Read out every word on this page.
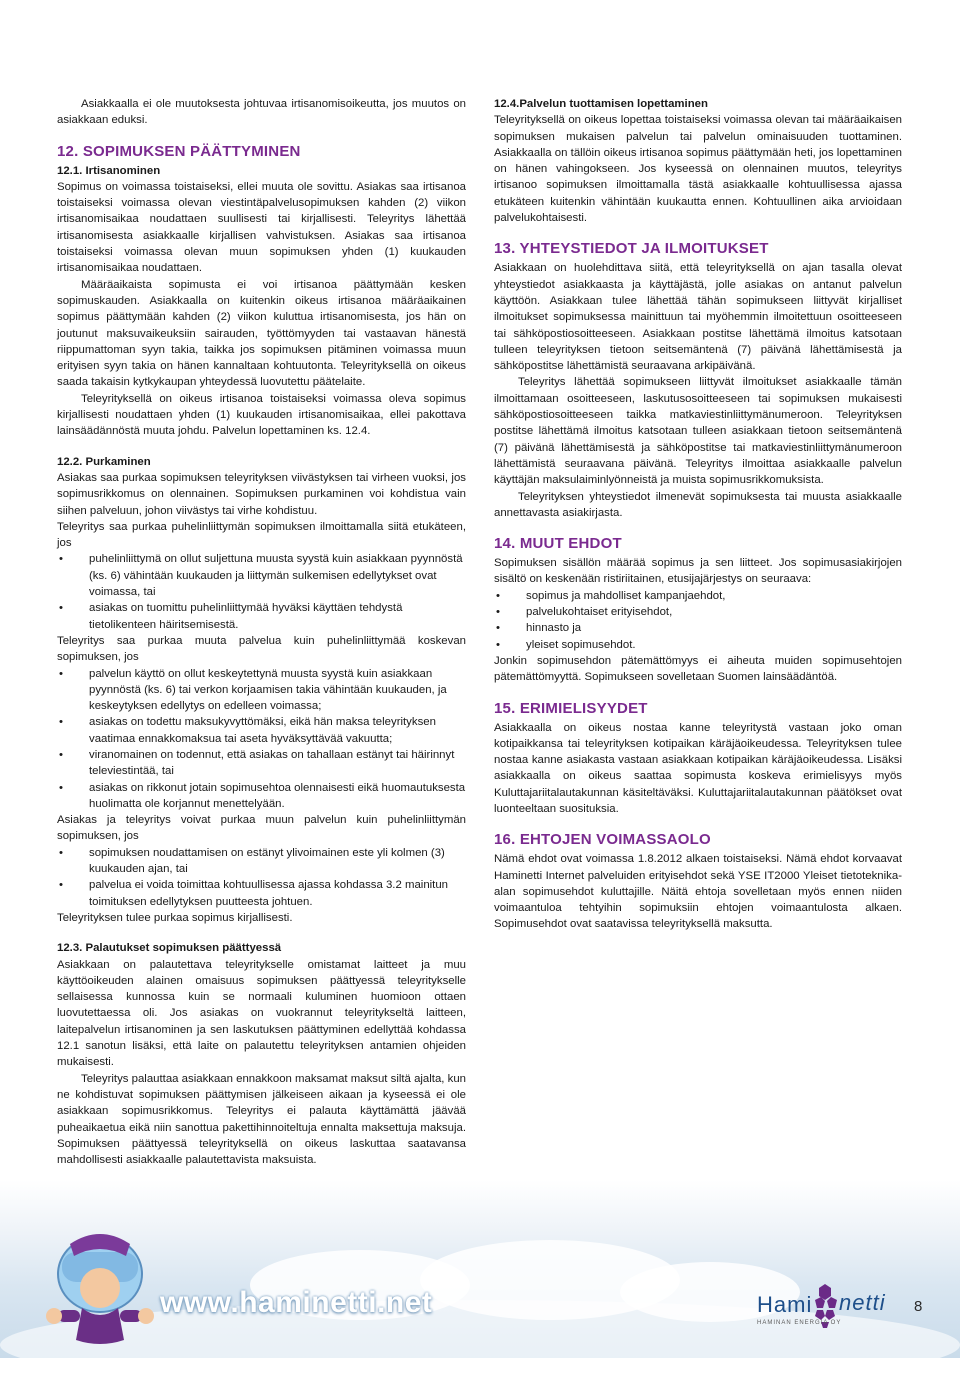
Asiakkaalla ei ole muutoksesta johtuvaa irtisanomisoikeutta, jos muutos on asiakkaan eduksi.

12. SOPIMUKSEN PÄÄTTYMINEN

12.1. Irtisanominen

Sopimus on voimassa toistaiseksi, ellei muuta ole sovittu. Asiakas saa irtisanoa toistaiseksi voimassa olevan viestintäpalvelusopimuksen kahden (2) viikon irtisanomisaikaa noudattaen suullisesti tai kirjallisesti. Teleyritys lähettää irtisanomisesta asiakkaalle kirjallisen vahvistuksen. Asiakas saa irtisanoa toistaiseksi voimassa olevan muun sopimuksen yhden (1) kuukauden irtisanomisaikaa noudattaen.

Määräaikaista sopimusta ei voi irtisanoa päättymään kesken sopimuskauden. Asiakkaalla on kuitenkin oikeus irtisanoa määräaikainen sopimus päättymään kahden (2) viikon kuluttua irtisanomisesta, jos hän on joutunut maksuvaikeuksiin sairauden, työttömyyden tai vastaavan hänestä riippumattoman syyn takia, taikka jos sopimuksen pitäminen voimassa muun erityisen syyn takia on hänen kannaltaan kohtuutonta. Teleyrityksellä on oikeus saada takaisin kytkykaupan yhteydessä luovutettu päätelaite.

Teleyrityksellä on oikeus irtisanoa toistaiseksi voimassa oleva sopimus kirjallisesti noudattaen yhden (1) kuukauden irtisanomisaikaa, ellei pakottava lainsäädännöstä muuta johdu. Palvelun lopettaminen ks. 12.4.

12.2. Purkaminen

Asiakas saa purkaa sopimuksen teleyrityksen viivästyksen tai virheen vuoksi, jos sopimusrikkomus on olennainen. Sopimuksen purkaminen voi kohdistua vain siihen palveluun, johon viivästys tai virhe kohdistuu.

Teleyritys saa purkaa puhelinliittymän sopimuksen ilmoittamalla siitä etukäteen, jos

• puhelinliittymä on ollut suljettuna muusta syystä kuin asiakkaan pyynnöstä (ks. 6) vähintään kuukauden ja liittymän sulkemisen edellytykset ovat voimassa, tai
• asiakas on tuomittu puhelinliittymää hyväksi käyttäen tehdystä tietolikenteen häiritsemisestä.

Teleyritys saa purkaa muuta palvelua kuin puhelinliittymää koskevan sopimuksen, jos

• palvelun käyttö on ollut keskeytettynä muusta syystä kuin asiakkaan pyynnöstä (ks. 6) tai verkon korjaamisen takia vähintään kuukauden, ja keskeytyksen edellytys on edelleen voimassa;
• asiakas on todettu maksukyvyttömäksi, eikä hän maksa teleyrityksen vaatimaa ennakkomaksua tai aseta hyväksyttävää vakuutta;
• viranomainen on todennut, että asiakas on tahallaan estänyt tai häirinnyt televiestintää, tai
• asiakas on rikkonut jotain sopimusehtoa olennaisesti eikä huomautuksesta huolimatta ole korjannut menettelyään.

Asiakas ja teleyritys voivat purkaa muun palvelun kuin puhelinliittymän sopimuksen, jos

• sopimuksen noudattamisen on estänyt ylivoimainen este yli kolmen (3) kuukauden ajan, tai
• palvelua ei voida toimittaa kohtuullisessa ajassa kohdassa 3.2 mainitun toimituksen edellytyksen puutteesta johtuen.

Teleyrityksen tulee purkaa sopimus kirjallisesti.

12.3. Palautukset sopimuksen päättyessä

Asiakkaan on palautettava teleyritykselle omistamat laitteet ja muu käyttöoikeuden alainen omaisuus sopimuksen päättyessä teleyritykselle sellaisessa kunnossa kuin se normaali kuluminen huomioon ottaen luovutettaessa oli. Jos asiakas on vuokrannut teleyritykseltä laitteen, laitepalvelun irtisanominen ja sen laskutuksen päättyminen edellyttää kohdassa 12.1 sanotun lisäksi, että laite on palautettu teleyrityksen antamien ohjeiden mukaisesti.

Teleyritys palauttaa asiakkaan ennakkoon maksamat maksut siltä ajalta, kun ne kohdistuvat sopimuksen päättymisen jälkeiseen aikaan ja kyseessä ei ole asiakkaan sopimusrikkomus. Teleyritys ei palauta käyttämättä jäävää puheaikaetua eikä niin sanottua pakettihinnoiteltuja ennalta maksettuja maksuja. Sopimuksen päättyessä teleyrityksellä on oikeus laskuttaa saatavansa mahdollisesti asiakkaalle palautettavista maksuista.

12.4.Palvelun tuottamisen lopettaminen

Teleyrityksellä on oikeus lopettaa toistaiseksi voimassa olevan tai määräaikaisen sopimuksen mukaisen palvelun tai palvelun ominaisuuden tuottaminen. Asiakkaalla on tällöin oikeus irtisanoa sopimus päättymään heti, jos lopettaminen on hänen vahingokseen. Jos kyseessä on olennainen muutos, teleyritys irtisanoo sopimuksen ilmoittamalla tästä asiakkaalle kohtuullisessa ajassa etukäteen kuitenkin vähintään kuukautta ennen. Kohtuullinen aika arvioidaan palvelukohtaisesti.

13. YHTEYSTIEDOT JA ILMOITUKSET

Asiakkaan on huolehdittava siitä, että teleyrityksellä on ajan tasalla olevat yhteystiedot asiakkaasta ja käyttäjästä, jolle asiakas on antanut palvelun käyttöön. Asiakkaan tulee lähettää tähän sopimukseen liittyvät kirjalliset ilmoitukset sopimuksessa mainittuun tai myöhemmin ilmoitettuun osoitteeseen tai sähköpostiosoitteeseen. Asiakkaan postitse lähettämä ilmoitus katsotaan tulleen teleyrityksen tietoon seitsemäntenä (7) päivänä lähettämisestä ja sähköpostitse lähettämistä seuraavana arkipäivänä.

Teleyritys lähettää sopimukseen liittyvät ilmoitukset asiakkaalle tämän ilmoittamaan osoitteeseen, laskutusosoitteeseen tai sopimuksen mukaisesti sähköpostiosoitteeseen taikka matkaviestinliittymänumeroon. Teleyrityksen postitse lähettämä ilmoitus katsotaan tulleen asiakkaan tietoon seitsemäntenä (7) päivänä lähettämisestä ja sähköpostitse tai matkaviestinliittymänumeroon lähettämistä seuraavana päivänä. Teleyritys ilmoittaa asiakkaalle palvelun käyttäjän maksulaiminlyönneistä ja muista sopimusrikkomuksista.

Teleyrityksen yhteystiedot ilmenevät sopimuksesta tai muusta asiakkaalle annettavasta asiakirjasta.

14. MUUT EHDOT

Sopimuksen sisällön määrää sopimus ja sen liitteet. Jos sopimusasiakirjojen sisältö on keskenään ristiriitainen, etusijajärjestys on seuraava:

• sopimus ja mahdolliset kampanjaehdot,
• palvelukohtaiset erityisehdot,
• hinnasto ja
• yleiset sopimusehdot.

Jonkin sopimusehdon pätemättömyys ei aiheuta muiden sopimusehtojen pätemättömyyttä. Sopimukseen sovelletaan Suomen lainsäädäntöä.

15. ERIMIELISYYDET

Asiakkaalla on oikeus nostaa kanne teleyritystä vastaan joko oman kotipaikkansa tai teleyrityksen kotipaikan käräjäoikeudessa. Teleyrityksen tulee nostaa kanne asiakasta vastaan asiakkaan kotipaikan käräjäoikeudessa. Lisäksi asiakkaalla on oikeus saattaa sopimusta koskeva erimielisyys myös Kuluttajariitalautakunnan käsiteltäväksi. Kuluttajariitalautakunnan päätökset ovat luonteeltaan suosituksia.

16. EHTOJEN VOIMASSAOLO

Nämä ehdot ovat voimassa 1.8.2012 alkaen toistaiseksi. Nämä ehdot korvaavat Haminetti Internet palveluiden erityisehdot sekä YSE IT2000 Yleiset tietoteknika-alan sopimusehdot kuluttajille. Näitä ehtoja sovelletaan myös ennen niiden voimaantuloa tehtyihin sopimuksiin ehtojen voimaantulosta alkaen. Sopimusehdot ovat saatavissa teleyrityksellä maksutta.

www.haminetti.net	Hami netti
HAMINAN ENERGIA OY
8
